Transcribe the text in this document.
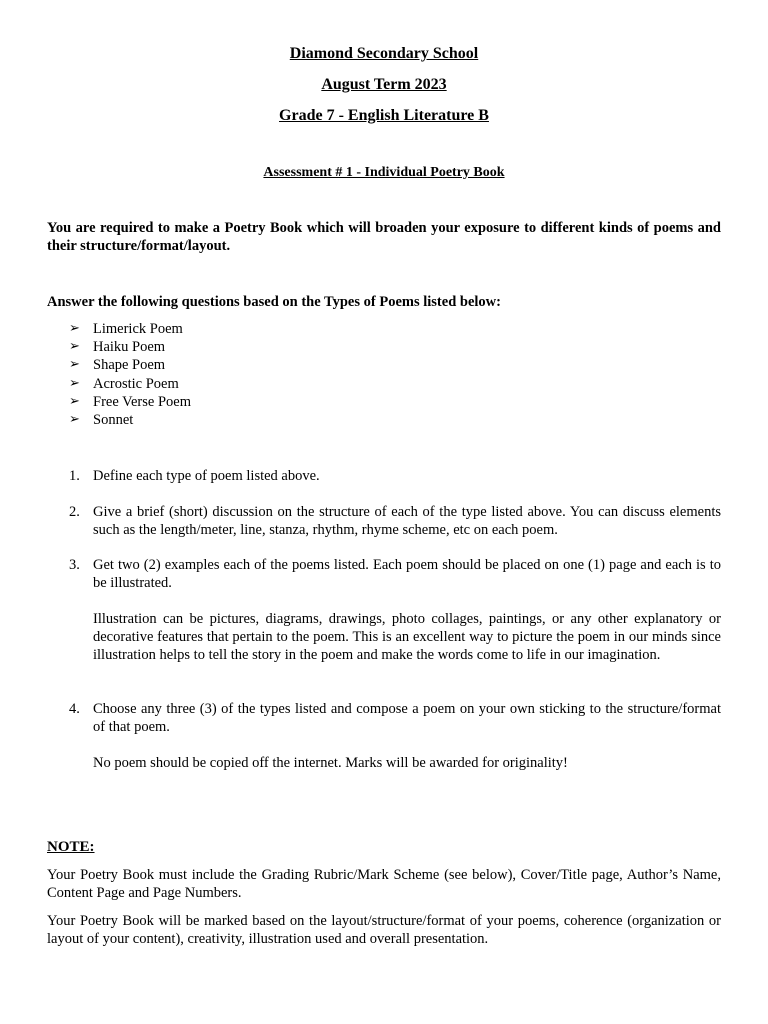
Diamond Secondary School
August Term 2023
Grade 7 - English Literature B
Assessment # 1 - Individual Poetry Book
You are required to make a Poetry Book which will broaden your exposure to different kinds of poems and their structure/format/layout.
Answer the following questions based on the Types of Poems listed below:
➢ Limerick Poem
➢ Haiku Poem
➢ Shape Poem
➢ Acrostic Poem
➢ Free Verse Poem
➢ Sonnet
1. Define each type of poem listed above.
2. Give a brief (short) discussion on the structure of each of the type listed above. You can discuss elements such as the length/meter, line, stanza, rhythm, rhyme scheme, etc on each poem.
3. Get two (2) examples each of the poems listed. Each poem should be placed on one (1) page and each is to be illustrated.
Illustration can be pictures, diagrams, drawings, photo collages, paintings, or any other explanatory or decorative features that pertain to the poem. This is an excellent way to picture the poem in our minds since illustration helps to tell the story in the poem and make the words come to life in our imagination.
4. Choose any three (3) of the types listed and compose a poem on your own sticking to the structure/format of that poem.
No poem should be copied off the internet. Marks will be awarded for originality!
NOTE:
Your Poetry Book must include the Grading Rubric/Mark Scheme (see below), Cover/Title page, Author’s Name, Content Page and Page Numbers.
Your Poetry Book will be marked based on the layout/structure/format of your poems, coherence (organization or layout of your content), creativity, illustration used and overall presentation.
